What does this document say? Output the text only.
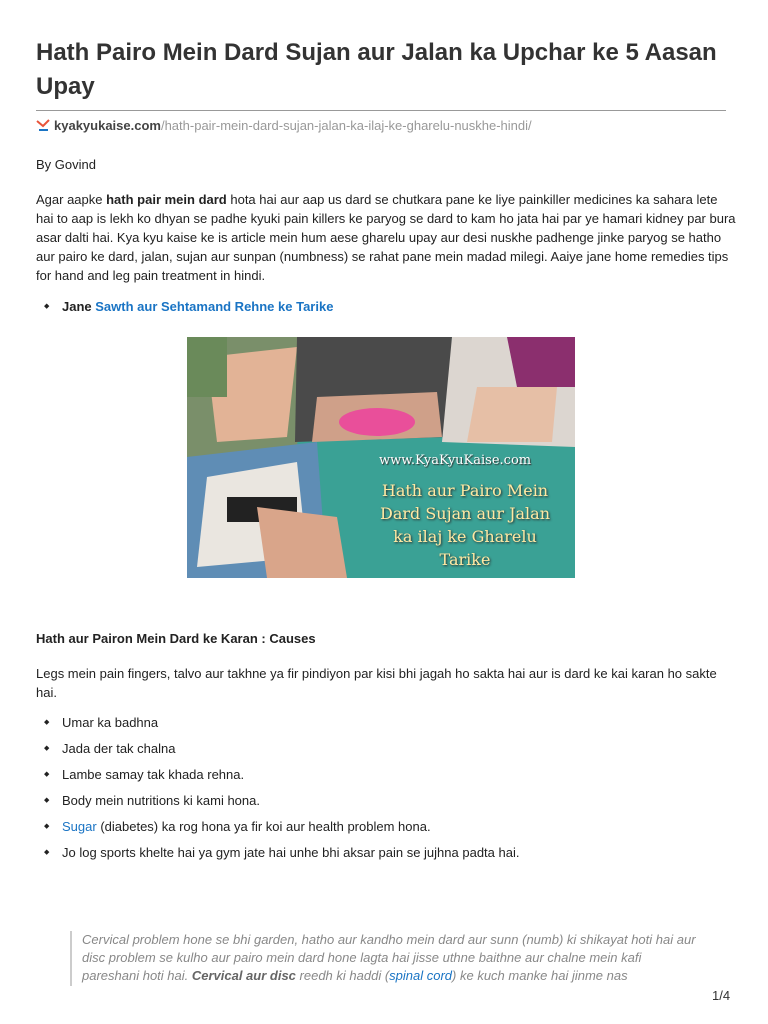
Hath Pairo Mein Dard Sujan aur Jalan ka Upchar ke 5 Aasan Upay
kyakyukaise.com/hath-pair-mein-dard-sujan-jalan-ka-ilaj-ke-gharelu-nuskhe-hindi/
By Govind
Agar aapke hath pair mein dard hota hai aur aap us dard se chutkara pane ke liye painkiller medicines ka sahara lete hai to aap is lekh ko dhyan se padhe kyuki pain killers ke paryog se dard to kam ho jata hai par ye hamari kidney par bura asar dalti hai. Kya kyu kaise ke is article mein hum aese gharelu upay aur desi nuskhe padhenge jinke paryog se hatho aur pairo ke dard, jalan, sujan aur sunpan (numbness) se rahat pane mein madad milegi. Aaiye jane home remedies tips for hand and leg pain treatment in hindi.
◆ Jane Sawth aur Sehtamand Rehne ke Tarike
www.KyaKyuKaise.com
Hath aur Pairo Mein
Dard Sujan aur Jalan
ka ilaj ke Gharelu
Tarike
Hath aur Pairon Mein Dard ke Karan : Causes
Legs mein pain fingers, talvo aur takhne ya fir pindiyon par kisi bhi jagah ho sakta hai aur is dard ke kai karan ho sakte hai.
◆ Umar ka badhna
◆ Jada der tak chalna
◆ Lambe samay tak khada rehna.
◆ Body mein nutritions ki kami hona.
◆ Sugar (diabetes) ka rog hona ya fir koi aur health problem hona.
◆ Jo log sports khelte hai ya gym jate hai unhe bhi aksar pain se jujhna padta hai.
Cervical problem hone se bhi garden, hatho aur kandho mein dard aur sunn (numb) ki shikayat hoti hai aur disc problem se kulho aur pairo mein dard hone lagta hai jisse uthne baithne aur chalne mein kafi pareshani hoti hai. Cervical aur disc reedh ki haddi (spinal cord) ke kuch manke hai jinme nas
1/4
